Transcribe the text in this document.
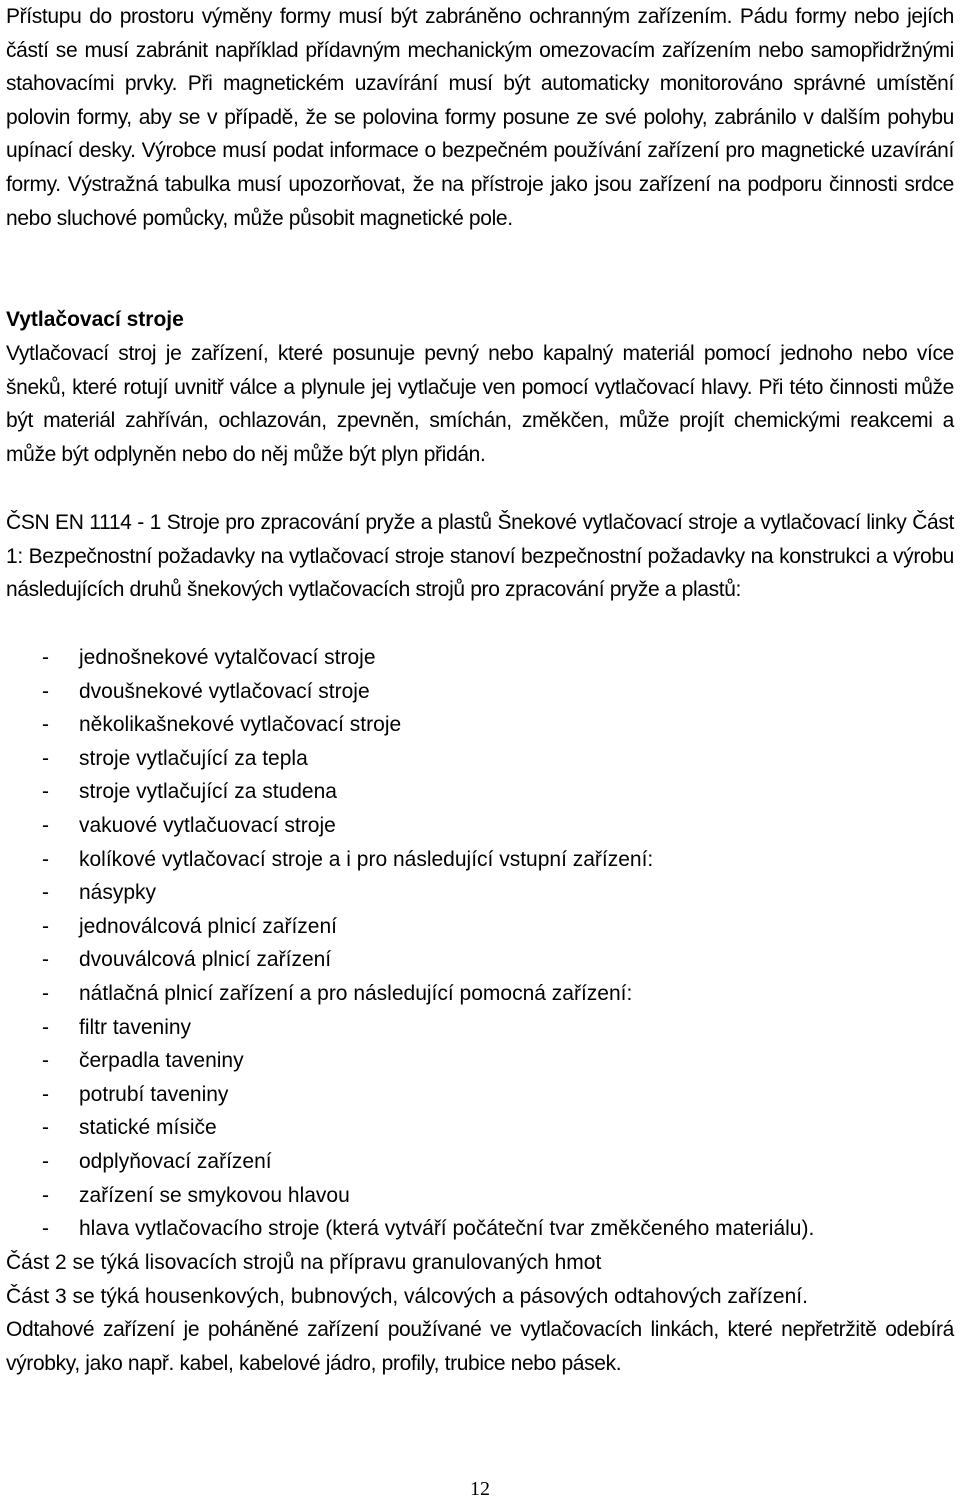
Přístupu do prostoru výměny formy musí být zabráněno ochranným zařízením. Pádu formy nebo jejích částí se musí zabránit například přídavným mechanickým omezovacím zařízením nebo samopřidržnými stahovacími prvky. Při magnetickém uzavírání musí být automaticky monitorováno správné umístění polovin formy, aby se v případě, že se polovina formy posune ze své polohy, zabránilo v dalším pohybu upínací desky. Výrobce musí podat informace o bezpečném používání zařízení pro magnetické uzavírání formy. Výstražná tabulka musí upozorňovat, že na přístroje jako jsou zařízení na podporu činnosti srdce nebo sluchové pomůcky, může působit magnetické pole.

Vytlačovací stroje

Vytlačovací stroj je zařízení, které posunuje pevný nebo kapalný materiál pomocí jednoho nebo více šneků, které rotují uvnitř válce a plynule jej vytlačuje ven pomocí vytlačovací hlavy. Při této činnosti může být materiál zahříván, ochlazován, zpevněn, smíchán, změkčen, může projít chemickými reakcemi a může být odplyněn nebo do něj může být plyn přidán.

ČSN EN 1114 - 1 Stroje pro zpracování pryže a plastů Šnekové vytlačovací stroje a vytlačovací linky Část 1: Bezpečnostní požadavky na vytlačovací stroje stanoví bezpečnostní požadavky na konstrukci a výrobu následujících druhů šnekových vytlačovacích strojů pro zpracování pryže a plastů:

- jednošnekové vytalčovací stroje
- dvoušnekové vytlačovací stroje
- několikašnekové vytlačovací stroje
- stroje vytlačující za tepla
- stroje vytlačující za studena
- vakuové vytlačuovací stroje
- kolíkové vytlačovací stroje a i pro následující vstupní zařízení:
- násypky
- jednoválcová plnicí zařízení
- dvouválcová plnicí zařízení
- nátlačná plnicí zařízení a pro následující pomocná zařízení:
- filtr taveniny
- čerpadla taveniny
- potrubí taveniny
- statické mísiče
- odplyňovací zařízení
- zařízení se smykovou hlavou
- hlava vytlačovacího stroje (která vytváří počáteční tvar změkčeného materiálu).

Část 2 se týká lisovacích strojů na přípravu granulovaných hmot

Část 3 se týká housenkových, bubnových, válcových a pásových odtahových zařízení.

Odtahové zařízení je poháněné zařízení používané ve vytlačovacích linkách, které nepřetržitě odebírá výrobky, jako např. kabel, kabelové jádro, profily, trubice nebo pásek.

12
